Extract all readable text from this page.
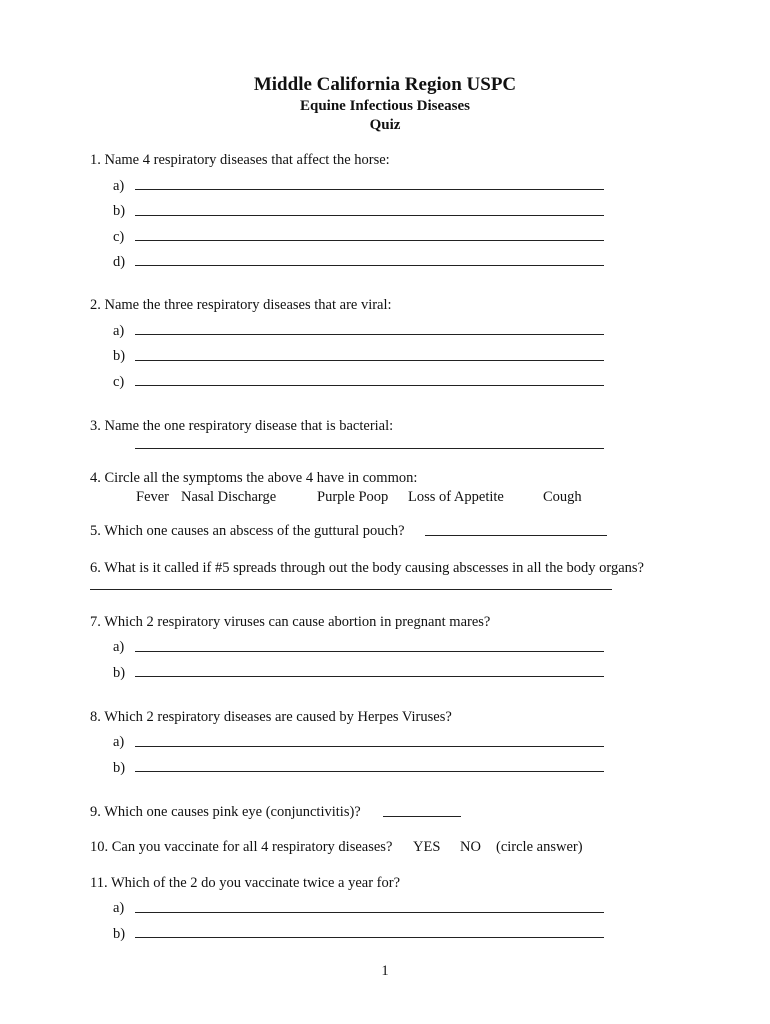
Middle California Region USPC
Equine Infectious Diseases
Quiz
1. Name 4 respiratory diseases that affect the horse:
a)
b)
c)
d)
2. Name the three respiratory diseases that are viral:
a)
b)
c)
3. Name the one respiratory disease that is bacterial:
4. Circle all the symptoms the above 4 have in common:
Fever Nasal Discharge	Purple Poop Loss of Appetite	Cough
5. Which one causes an abscess of the guttural pouch?
6. What is it called if #5 spreads through out the body causing abscesses in all the body organs?
7. Which 2 respiratory viruses can cause abortion in pregnant mares?
a)
b)
8. Which 2 respiratory diseases are caused by Herpes Viruses?
a)
b)
9. Which one causes pink eye (conjunctivitis)?
10. Can you vaccinate for all 4 respiratory diseases? YES NO (circle answer)
11. Which of the 2 do you vaccinate twice a year for?
a)
b)
1
